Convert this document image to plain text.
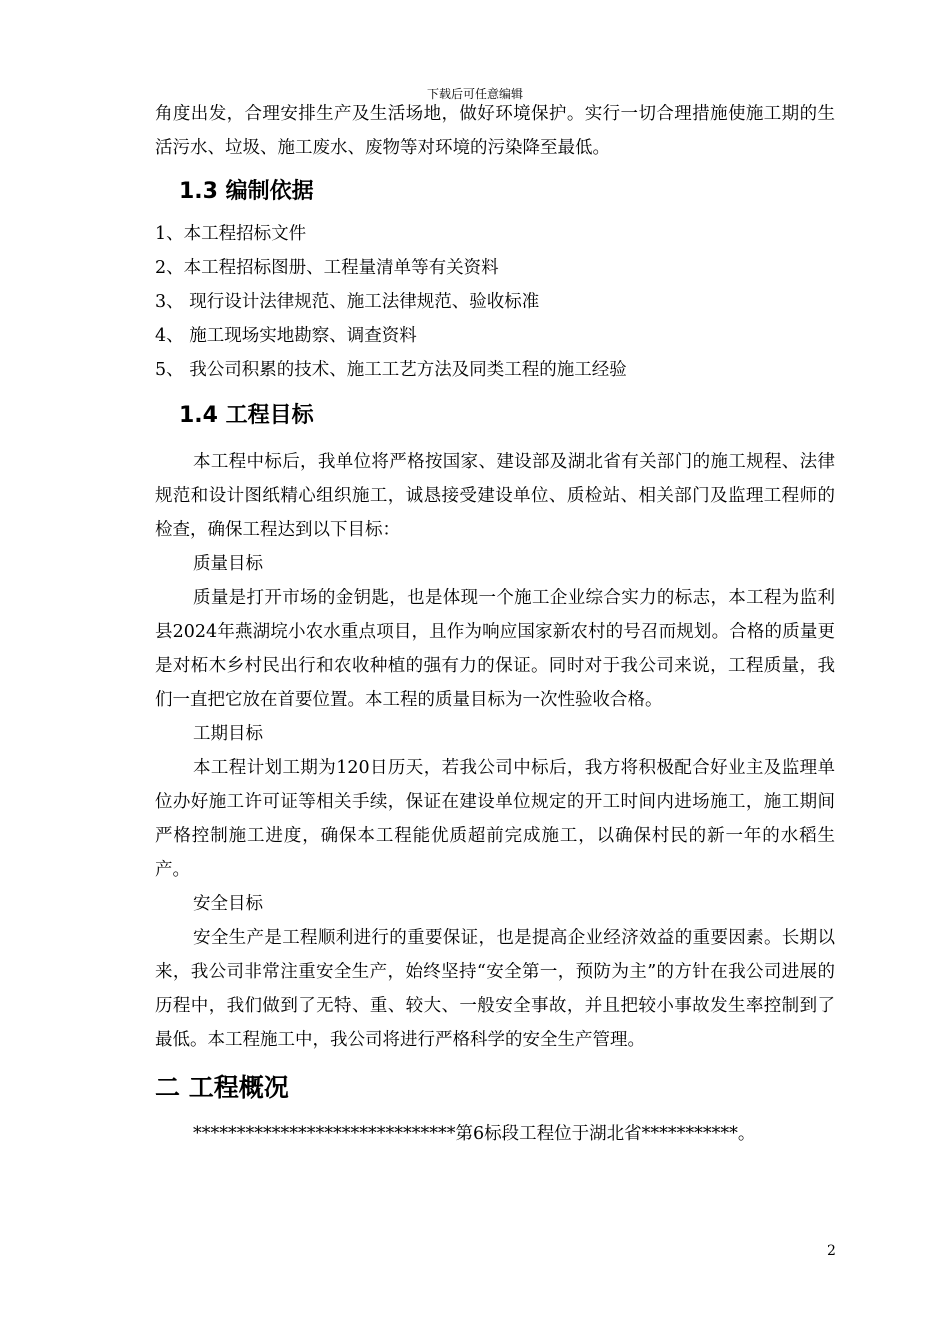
下载后可任意编辑

角度出发，合理安排生产及生活场地，做好环境保护。实行一切合理措施使施工期的生活污水、垃圾、施工废水、废物等对环境的污染降至最低。

1.3 编制依据

1、本工程招标文件

2、本工程招标图册、工程量清单等有关资料

3、 现行设计法律规范、施工法律规范、验收标准

4、 施工现场实地勘察、调查资料

5、 我公司积累的技术、施工工艺方法及同类工程的施工经验

1.4 工程目标

本工程中标后，我单位将严格按国家、建设部及湖北省有关部门的施工规程、法律规范和设计图纸精心组织施工，诚恳接受建设单位、质检站、相关部门及监理工程师的检查，确保工程达到以下目标：

质量目标

质量是打开市场的金钥匙，也是体现一个施工企业综合实力的标志，本工程为监利县2024年燕湖垸小农水重点项目，且作为响应国家新农村的号召而规划。合格的质量更是对柘木乡村民出行和农收种植的强有力的保证。同时对于我公司来说，工程质量，我们一直把它放在首要位置。本工程的质量目标为一次性验收合格。

工期目标

本工程计划工期为120日历天，若我公司中标后，我方将积极配合好业主及监理单位办好施工许可证等相关手续，保证在建设单位规定的开工时间内进场施工，施工期间严格控制施工进度，确保本工程能优质超前完成施工，以确保村民的新一年的水稻生产。

安全目标

安全生产是工程顺利进行的重要保证，也是提高企业经济效益的重要因素。长期以来，我公司非常注重安全生产，始终坚持“安全第一，预防为主”的方针在我公司进展的历程中，我们做到了无特、重、较大、一般安全事故，并且把较小事故发生率控制到了最低。本工程施工中，我公司将进行严格科学的安全生产管理。

二 工程概况

******************************第6标段工程位于湖北省***********。

2
